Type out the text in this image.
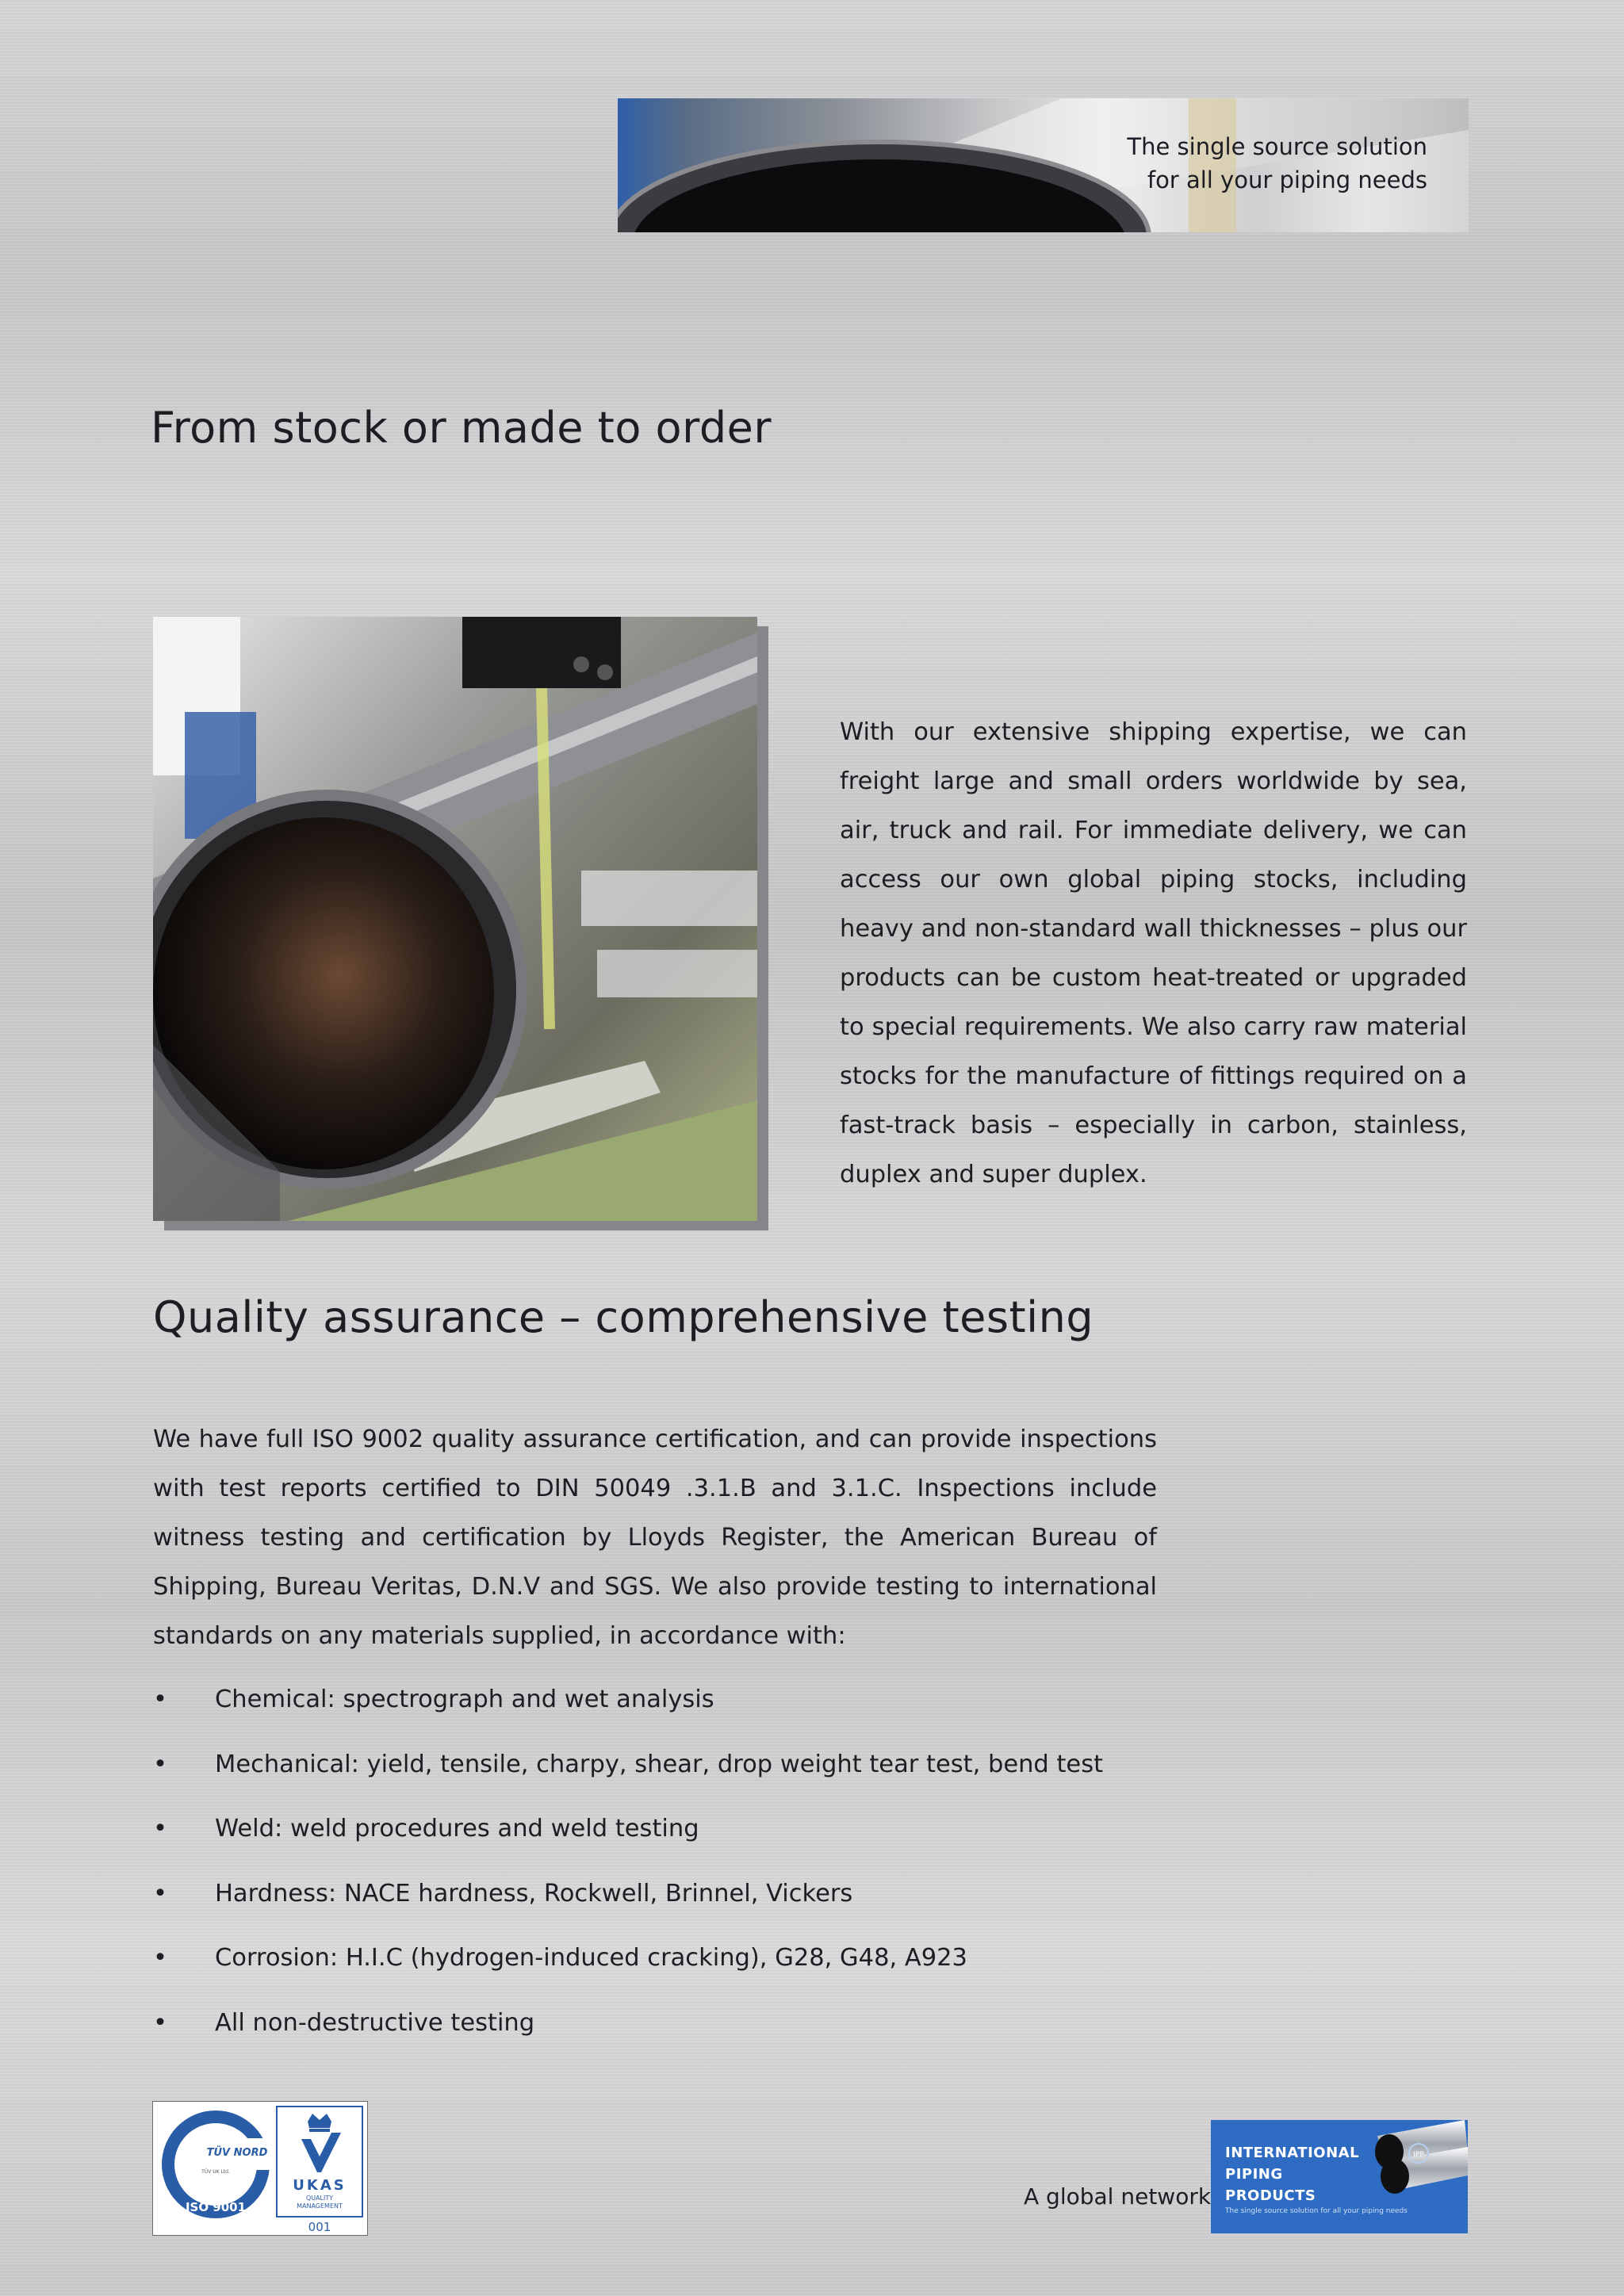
The single source solution
for all your piping needs
From stock or made to order

With our extensive shipping expertise, we can freight large and small orders worldwide by sea, air, truck and rail. For immediate delivery, we can access our own global piping stocks, including heavy and non-standard wall thicknesses – plus our products can be custom heat-treated or upgraded to special requirements. We also carry raw material stocks for the manufacture of fittings required on a fast-track basis – especially in carbon, stainless, duplex and super duplex.

Quality assurance – comprehensive testing

We have full ISO 9002 quality assurance certification, and can provide inspections with test reports certified to DIN 50049 .3.1.B and 3.1.C. Inspections include witness testing and certification by Lloyds Register, the American Bureau of Shipping, Bureau Veritas, D.N.V and SGS. We also provide testing to international standards on any materials supplied, in accordance with:

• Chemical: spectrograph and wet analysis
• Mechanical: yield, tensile, charpy, shear, drop weight tear test, bend test
• Weld: weld procedures and weld testing
• Hardness: NACE hardness, Rockwell, Brinnel, Vickers
• Corrosion: H.I.C (hydrogen-induced cracking), G28, G48, A923
• All non-destructive testing
TÜV NORD
TÜV UK Ltd.
ISO 9001
UKAS
QUALITY
MANAGEMENT
001
A global network
IPP
INTERNATIONAL
PIPING
PRODUCTS
The single source solution for all your piping needs
